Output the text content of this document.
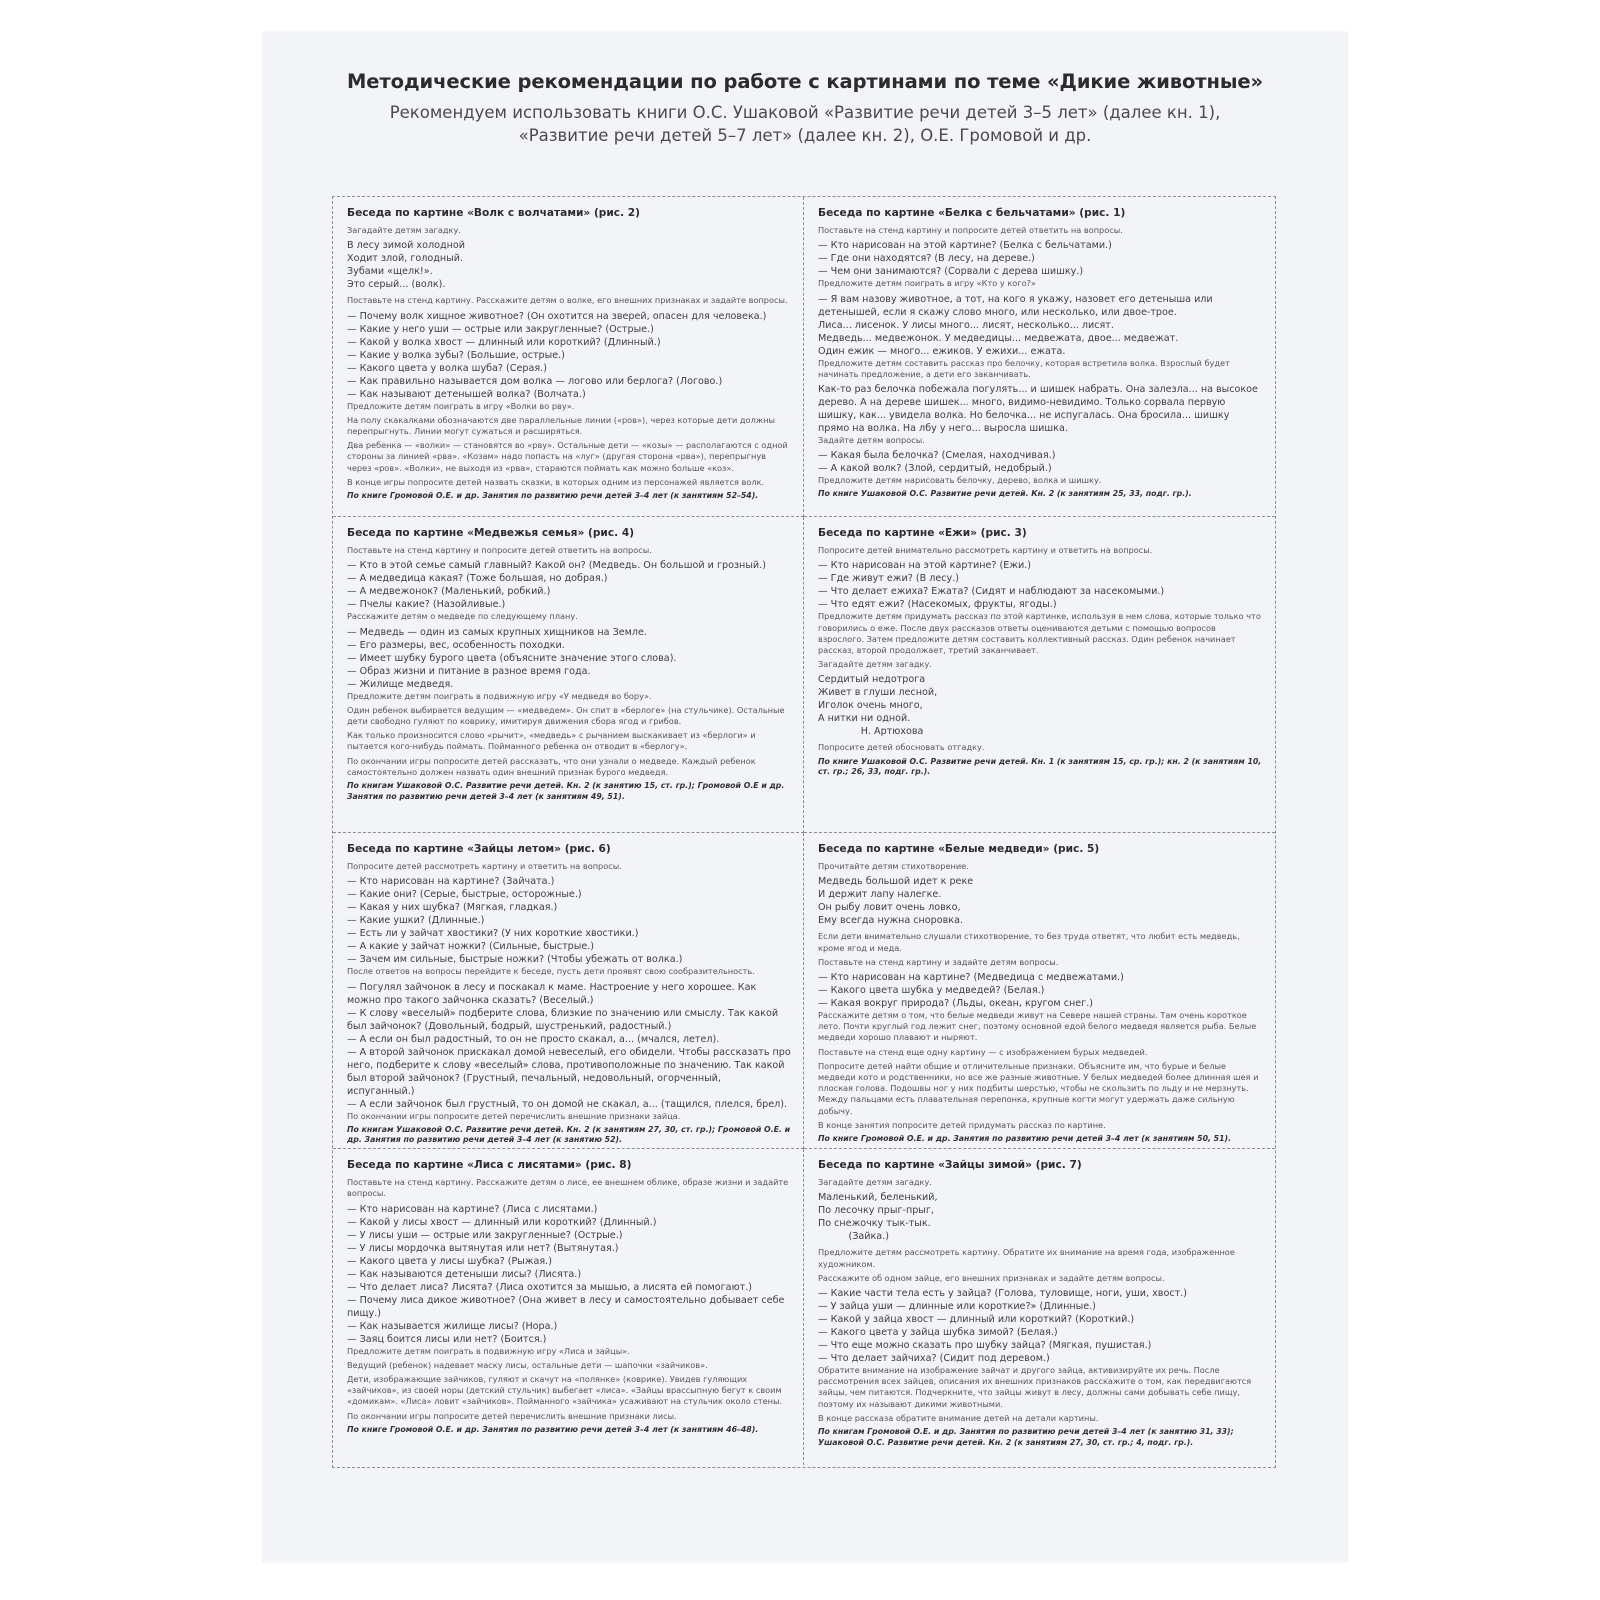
Методические рекомендации по работе с картинами по теме «Дикие животные»

Рекомендуем использовать книги О.С. Ушаковой «Развитие речи детей 3–5 лет» (далее кн. 1),
«Развитие речи детей 5–7 лет» (далее кн. 2), О.Е. Громовой и др.

Беседа по картине «Волк с волчатами» (рис. 2)

Загадайте детям загадку.

В лесу зимой холодной
Ходит злой, голодный.
Зубами «щелк!».
Это серый... (волк).

Поставьте на стенд картину. Расскажите детям о волке, его внешних признаках и задайте вопросы.

— Почему волк хищное животное? (Он охотится на зверей, опасен для человека.)

— Какие у него уши — острые или закругленные? (Острые.)

— Какой у волка хвост — длинный или короткий? (Длинный.)

— Какие у волка зубы? (Большие, острые.)

— Какого цвета у волка шуба? (Серая.)

— Как правильно называется дом волка — логово или берлога? (Логово.)

— Как называют детенышей волка? (Волчата.)

Предложите детям поиграть в игру «Волки во рву».

На полу скакалками обозначаются две параллельные линии («ров»), через которые дети должны перепрыгнуть. Линии могут сужаться и расширяться.

Два ребенка — «волки» — становятся во «рву». Остальные дети — «козы» — располагаются с одной стороны за линией «рва». «Козам» надо попасть на «луг» (другая сторона «рва»), перепрыгнув через «ров». «Волки», не выходя из «рва», стараются поймать как можно больше «коз».

В конце игры попросите детей назвать сказки, в которых одним из персонажей является волк.

По книге Громовой О.Е. и др. Занятия по развитию речи детей 3–4 лет (к занятиям 52–54).
Беседа по картине «Белка с бельчатами» (рис. 1)

Поставьте на стенд картину и попросите детей ответить на вопросы.

— Кто нарисован на этой картине? (Белка с бельчатами.)

— Где они находятся? (В лесу, на дереве.)

— Чем они занимаются? (Сорвали с дерева шишку.)

Предложите детям поиграть в игру «Кто у кого?»

— Я вам назову животное, а тот, на кого я укажу, назовет его детеныша или детенышей, если я скажу слово много, или несколько, или двое-трое.

Лиса... лисенок. У лисы много... лисят, несколько... лисят.

Медведь... медвежонок. У медведицы... медвежата, двое... медвежат.

Один ежик — много... ежиков. У ежихи... ежата.

Предложите детям составить рассказ про белочку, которая встретила волка. Взрослый будет начинать предложение, а дети его заканчивать.

Как-то раз белочка побежала погулять... и шишек набрать. Она залезла... на высокое дерево. А на дереве шишек... много, видимо-невидимо. Только сорвала первую шишку, как... увидела волка. Но белочка... не испугалась. Она бросила... шишку прямо на волка. На лбу у него... выросла шишка.

Задайте детям вопросы.

— Какая была белочка? (Смелая, находчивая.)

— А какой волк? (Злой, сердитый, недобрый.)

Предложите детям нарисовать белочку, дерево, волка и шишку.

По книге Ушаковой О.С. Развитие речи детей. Кн. 2 (к занятиям 25, 33, подг. гр.).
Беседа по картине «Медвежья семья» (рис. 4)

Поставьте на стенд картину и попросите детей ответить на вопросы.

— Кто в этой семье самый главный? Какой он? (Медведь. Он большой и грозный.)

— А медведица какая? (Тоже большая, но добрая.)

— А медвежонок? (Маленький, робкий.)

— Пчелы какие? (Назойливые.)

Расскажите детям о медведе по следующему плану.

— Медведь — один из самых крупных хищников на Земле.

— Его размеры, вес, особенность походки.

— Имеет шубку бурого цвета (объясните значение этого слова).

— Образ жизни и питание в разное время года.

— Жилище медведя.

Предложите детям поиграть в подвижную игру «У медведя во бору».

Один ребенок выбирается ведущим — «медведем». Он спит в «берлоге» (на стульчике). Остальные дети свободно гуляют по коврику, имитируя движения сбора ягод и грибов.

Как только произносится слово «рычит», «медведь» с рычанием выскакивает из «берлоги» и пытается кого-нибудь поймать. Пойманного ребенка он отводит в «берлогу».

По окончании игры попросите детей рассказать, что они узнали о медведе. Каждый ребенок самостоятельно должен назвать один внешний признак бурого медведя.

По книгам Ушаковой О.С. Развитие речи детей. Кн. 2 (к занятию 15, ст. гр.); Громовой О.Е и др. Занятия по развитию речи детей 3–4 лет (к занятиям 49, 51).
Беседа по картине «Ежи» (рис. 3)

Попросите детей внимательно рассмотреть картину и ответить на вопросы.

— Кто нарисован на этой картине? (Ежи.)

— Где живут ежи? (В лесу.)

— Что делает ежиха? Ежата? (Сидят и наблюдают за насекомыми.)

— Что едят ежи? (Насекомых, фрукты, ягоды.)

Предложите детям придумать рассказ по этой картинке, используя в нем слова, которые только что говорились о еже. После двух рассказов ответы оцениваются детьми с помощью вопросов взрослого. Затем предложите детям составить коллективный рассказ. Один ребенок начинает рассказ, второй продолжает, третий заканчивает.

Загадайте детям загадку.

Сердитый недотрога
Живет в глуши лесной,
Иголок очень много,
А нитки ни одной.
Н. Артюхова

Попросите детей обосновать отгадку.

По книге Ушаковой О.С. Развитие речи детей. Кн. 1 (к занятиям 15, ср. гр.); кн. 2 (к занятиям 10, ст. гр.; 26, 33, подг. гр.).
Беседа по картине «Зайцы летом» (рис. 6)

Попросите детей рассмотреть картину и ответить на вопросы.

— Кто нарисован на картине? (Зайчата.)

— Какие они? (Серые, быстрые, осторожные.)

— Какая у них шубка? (Мягкая, гладкая.)

— Какие ушки? (Длинные.)

— Есть ли у зайчат хвостики? (У них короткие хвостики.)

— А какие у зайчат ножки? (Сильные, быстрые.)

— Зачем им сильные, быстрые ножки? (Чтобы убежать от волка.)

После ответов на вопросы перейдите к беседе, пусть дети проявят свою сообразительность.

— Погулял зайчонок в лесу и поскакал к маме. Настроение у него хорошее. Как можно про такого зайчонка сказать? (Веселый.)

— К слову «веселый» подберите слова, близкие по значению или смыслу. Так какой был зайчонок? (Довольный, бодрый, шустренький, радостный.)

— А если он был радостный, то он не просто скакал, а... (мчался, летел).

— А второй зайчонок прискакал домой невеселый, его обидели. Чтобы рассказать про него, подберите к слову «веселый» слова, противоположные по значению. Так какой был второй зайчонок? (Грустный, печальный, недовольный, огорченный, испуганный.)

— А если зайчонок был грустный, то он домой не скакал, а... (тащился, плелся, брел).

По окончании игры попросите детей перечислить внешние признаки зайца.

По книгам Ушаковой О.С. Развитие речи детей. Кн. 2 (к занятиям 27, 30, ст. гр.); Громовой О.Е. и др. Занятия по развитию речи детей 3–4 лет (к занятию 52).
Беседа по картине «Белые медведи» (рис. 5)

Прочитайте детям стихотворение.

Медведь большой идет к реке
И держит лапу налегке.
Он рыбу ловит очень ловко,
Ему всегда нужна сноровка.

Если дети внимательно слушали стихотворение, то без труда ответят, что любит есть медведь, кроме ягод и меда.

Поставьте на стенд картину и задайте детям вопросы.

— Кто нарисован на картине? (Медведица с медвежатами.)

— Какого цвета шубка у медведей? (Белая.)

— Какая вокруг природа? (Льды, океан, кругом снег.)

Расскажите детям о том, что белые медведи живут на Севере нашей страны. Там очень короткое лето. Почти круглый год лежит снег, поэтому основной едой белого медведя является рыба. Белые медведи хорошо плавают и ныряют.

Поставьте на стенд еще одну картину — с изображением бурых медведей.

Попросите детей найти общие и отличительные признаки. Объясните им, что бурые и белые медведи кото и родственники, но все же разные животные. У белых медведей более длинная шея и плоская голова. Подошвы ног у них подбиты шерстью, чтобы не скользить по льду и не мерзнуть. Между пальцами есть плавательная перепонка, крупные когти могут удержать даже сильную добычу.

В конце занятия попросите детей придумать рассказ по картине.

По книге Громовой О.Е. и др. Занятия по развитию речи детей 3–4 лет (к занятиям 50, 51).
Беседа по картине «Лиса с лисятами» (рис. 8)

Поставьте на стенд картину. Расскажите детям о лисе, ее внешнем облике, образе жизни и задайте вопросы.

— Кто нарисован на картине? (Лиса с лисятами.)

— Какой у лисы хвост — длинный или короткий? (Длинный.)

— У лисы уши — острые или закругленные? (Острые.)

— У лисы мордочка вытянутая или нет? (Вытянутая.)

— Какого цвета у лисы шубка? (Рыжая.)

— Как называются детеныши лисы? (Лисята.)

— Что делает лиса? Лисята? (Лиса охотится за мышью, а лисята ей помогают.)

— Почему лиса дикое животное? (Она живет в лесу и самостоятельно добывает себе пищу.)

— Как называется жилище лисы? (Нора.)

— Заяц боится лисы или нет? (Боится.)

Предложите детям поиграть в подвижную игру «Лиса и зайцы».

Ведущий (ребенок) надевает маску лисы, остальные дети — шапочки «зайчиков».

Дети, изображающие зайчиков, гуляют и скачут на «полянке» (коврике). Увидев гуляющих «зайчиков», из своей норы (детский стульчик) выбегает «лиса». «Зайцы врассыпную бегут к своим «домикам». «Лиса» ловит «зайчиков». Пойманного «зайчика» усаживают на стульчик около стены.

По окончании игры попросите детей перечислить внешние признаки лисы.

По книге Громовой О.Е. и др. Занятия по развитию речи детей 3–4 лет (к занятиям 46–48).
Беседа по картине «Зайцы зимой» (рис. 7)

Загадайте детям загадку.

Маленький, беленький,
По лесочку прыг-прыг,
По снежочку тык-тык.
(Зайка.)

Предложите детям рассмотреть картину. Обратите их внимание на время года, изображенное художником.

Расскажите об одном зайце, его внешних признаках и задайте детям вопросы.

— Какие части тела есть у зайца? (Голова, туловище, ноги, уши, хвост.)

— У зайца уши — длинные или короткие?» (Длинные.)

— Какой у зайца хвост — длинный или короткий? (Короткий.)

— Какого цвета у зайца шубка зимой? (Белая.)

— Что еще можно сказать про шубку зайца? (Мягкая, пушистая.)

— Что делает зайчиха? (Сидит под деревом.)

Обратите внимание на изображение зайчат и другого зайца, активизируйте их речь. После рассмотрения всех зайцев, описания их внешних признаков расскажите о том, как передвигаются зайцы, чем питаются. Подчеркните, что зайцы живут в лесу, должны сами добывать себе пищу, поэтому их называют дикими животными.

В конце рассказа обратите внимание детей на детали картины.

По книгам Громовой О.Е. и др. Занятия по развитию речи детей 3–4 лет (к занятию 31, 33); Ушаковой О.С. Развитие речи детей. Кн. 2 (к занятиям 27, 30, ст. гр.; 4, подг. гр.).
